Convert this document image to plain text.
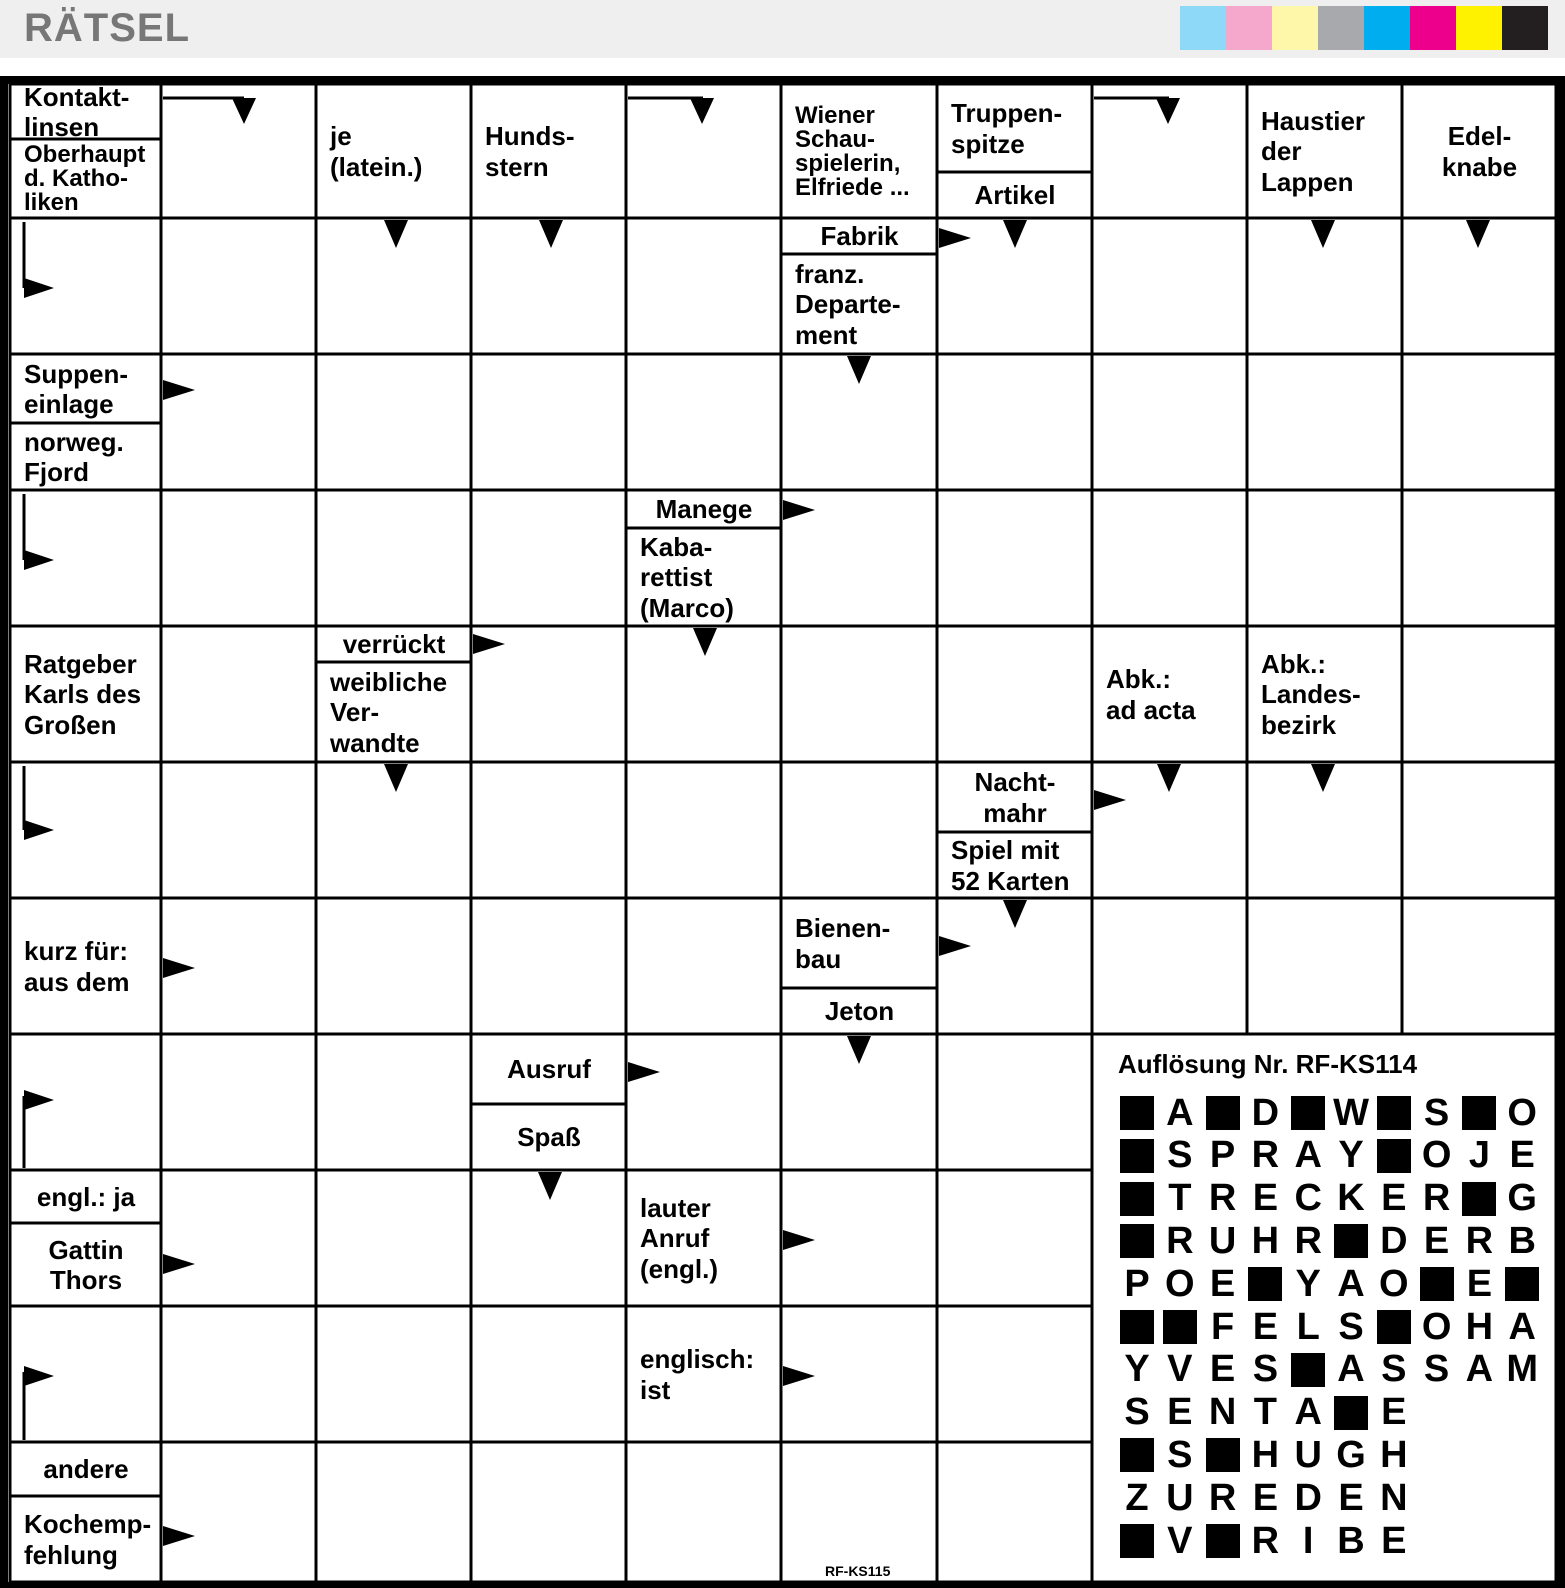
RÄTSEL
Kontakt-
linsen
Oberhaupt
d. Katho-
liken
je
(latein.)
Hunds-
stern
Wiener
Schau-
spielerin,
Elfriede ...
Truppen-
spitze
Artikel
Haustier
der
Lappen
Edel-
knabe
Fabrik
franz.
Departe-
ment
Suppen-
einlage
norweg.
Fjord
Manege
Kaba-
rettist
(Marco)
Ratgeber
Karls des
Großen
verrückt
weibliche
Ver-
wandte
Abk.:
ad acta
Abk.:
Landes-
bezirk
Nacht-
mahr
Spiel mit
52 Karten
kurz für:
aus dem
Bienen-
bau
Jeton
Ausruf
Spaß
engl.: ja
Gattin
Thors
lauter
Anruf
(engl.)
englisch:
ist
andere
Kochemp-
fehlung
Auflösung Nr. RF-KS114
A D W S O
S P R A Y O J E
T R E C K E R G
R U H R D E R B
P O E Y A O E
F E L S O H A
Y V E S A S S A M
S E N T A E
S H U G H
Z U R E D E N
V R I B E
RF-KS115
